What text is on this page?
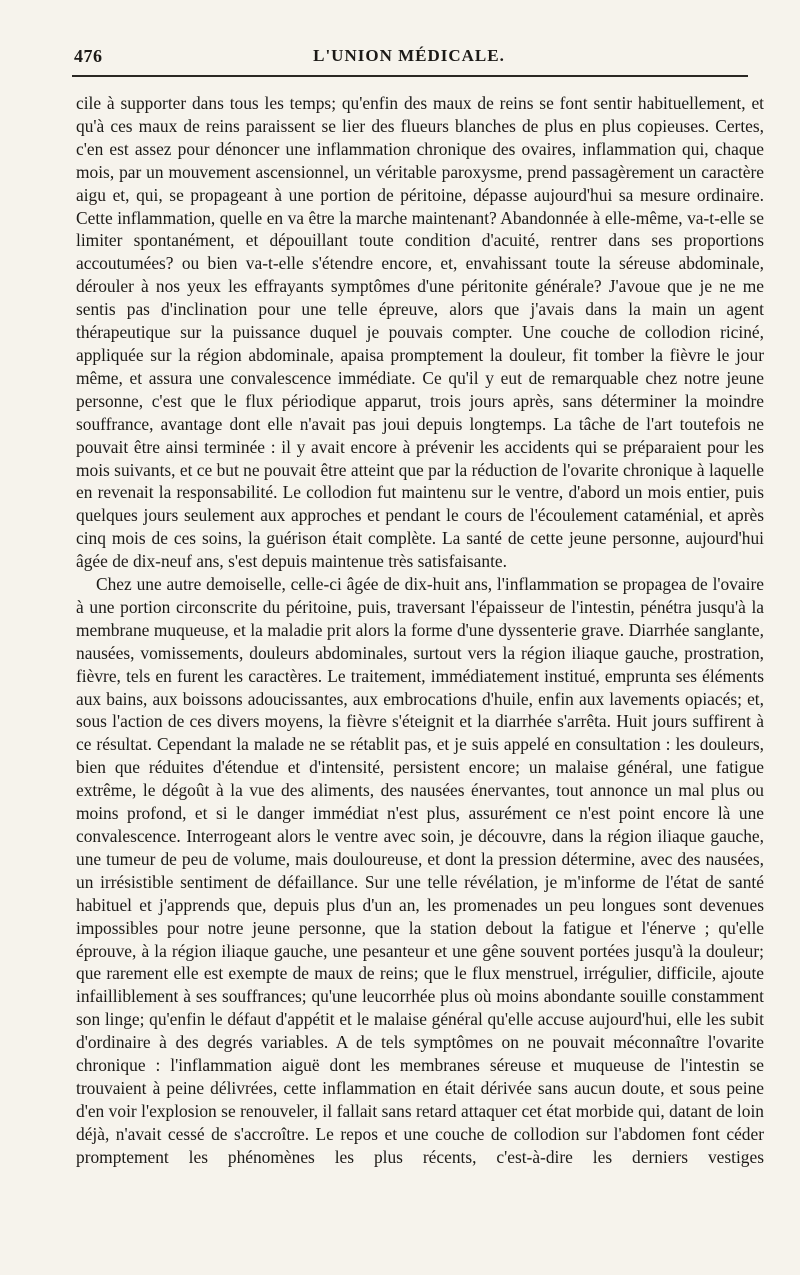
476	L'UNION MÉDICALE.

cile à supporter dans tous les temps; qu'enfin des maux de reins se font sentir habituellement, et qu'à ces maux de reins paraissent se lier des flueurs blanches de plus en plus copieuses. Certes, c'en est assez pour dénoncer une inflammation chronique des ovaires, inflammation qui, chaque mois, par un mouvement ascensionnel, un véritable paroxysme, prend passagèrement un caractère aigu et, qui, se propageant à une portion de péritoine, dépasse aujourd'hui sa mesure ordinaire. Cette inflammation, quelle en va être la marche maintenant? Abandonnée à elle-même, va-t-elle se limiter spontanément, et dépouillant toute condition d'acuité, rentrer dans ses proportions accoutumées? ou bien va-t-elle s'étendre encore, et, envahissant toute la séreuse abdominale, dérouler à nos yeux les effrayants symptômes d'une péritonite générale? J'avoue que je ne me sentis pas d'inclination pour une telle épreuve, alors que j'avais dans la main un agent thérapeutique sur la puissance duquel je pouvais compter. Une couche de collodion riciné, appliquée sur la région abdominale, apaisa promptement la douleur, fit tomber la fièvre le jour même, et assura une convalescence immédiate. Ce qu'il y eut de remarquable chez notre jeune personne, c'est que le flux périodique apparut, trois jours après, sans déterminer la moindre souffrance, avantage dont elle n'avait pas joui depuis longtemps. La tâche de l'art toutefois ne pouvait être ainsi terminée : il y avait encore à prévenir les accidents qui se préparaient pour les mois suivants, et ce but ne pouvait être atteint que par la réduction de l'ovarite chronique à laquelle en revenait la responsabilité. Le collodion fut maintenu sur le ventre, d'abord un mois entier, puis quelques jours seulement aux approches et pendant le cours de l'écoulement cataménial, et après cinq mois de ces soins, la guérison était complète. La santé de cette jeune personne, aujourd'hui âgée de dix-neuf ans, s'est depuis maintenue très satisfaisante.

Chez une autre demoiselle, celle-ci âgée de dix-huit ans, l'inflammation se propagea de l'ovaire à une portion circonscrite du péritoine, puis, traversant l'épaisseur de l'intestin, pénétra jusqu'à la membrane muqueuse, et la maladie prit alors la forme d'une dyssenterie grave. Diarrhée sanglante, nausées, vomissements, douleurs abdominales, surtout vers la région iliaque gauche, prostration, fièvre, tels en furent les caractères. Le traitement, immédiatement institué, emprunta ses éléments aux bains, aux boissons adoucissantes, aux embrocations d'huile, enfin aux lavements opiacés; et, sous l'action de ces divers moyens, la fièvre s'éteignit et la diarrhée s'arrêta. Huit jours suffirent à ce résultat. Cependant la malade ne se rétablit pas, et je suis appelé en consultation : les douleurs, bien que réduites d'étendue et d'intensité, persistent encore; un malaise général, une fatigue extrême, le dégoût à la vue des aliments, des nausées énervantes, tout annonce un mal plus ou moins profond, et si le danger immédiat n'est plus, assurément ce n'est point encore là une convalescence. Interrogeant alors le ventre avec soin, je découvre, dans la région iliaque gauche, une tumeur de peu de volume, mais douloureuse, et dont la pression détermine, avec des nausées, un irrésistible sentiment de défaillance. Sur une telle révélation, je m'informe de l'état de santé habituel et j'apprends que, depuis plus d'un an, les promenades un peu longues sont devenues impossibles pour notre jeune personne, que la station debout la fatigue et l'énerve ; qu'elle éprouve, à la région iliaque gauche, une pesanteur et une gêne souvent portées jusqu'à la douleur; que rarement elle est exempte de maux de reins; que le flux menstruel, irrégulier, difficile, ajoute infailliblement à ses souffrances; qu'une leucorrhée plus où moins abondante souille constamment son linge; qu'enfin le défaut d'appétit et le malaise général qu'elle accuse aujourd'hui, elle les subit d'ordinaire à des degrés variables. A de tels symptômes on ne pouvait méconnaître l'ovarite chronique : l'inflammation aiguë dont les membranes séreuse et muqueuse de l'intestin se trouvaient à peine délivrées, cette inflammation en était dérivée sans aucun doute, et sous peine d'en voir l'explosion se renouveler, il fallait sans retard attaquer cet état morbide qui, datant de loin déjà, n'avait cessé de s'accroître. Le repos et une couche de collodion sur l'abdomen font céder promptement les phénomènes les plus récents, c'est-à-dire les derniers vestiges
